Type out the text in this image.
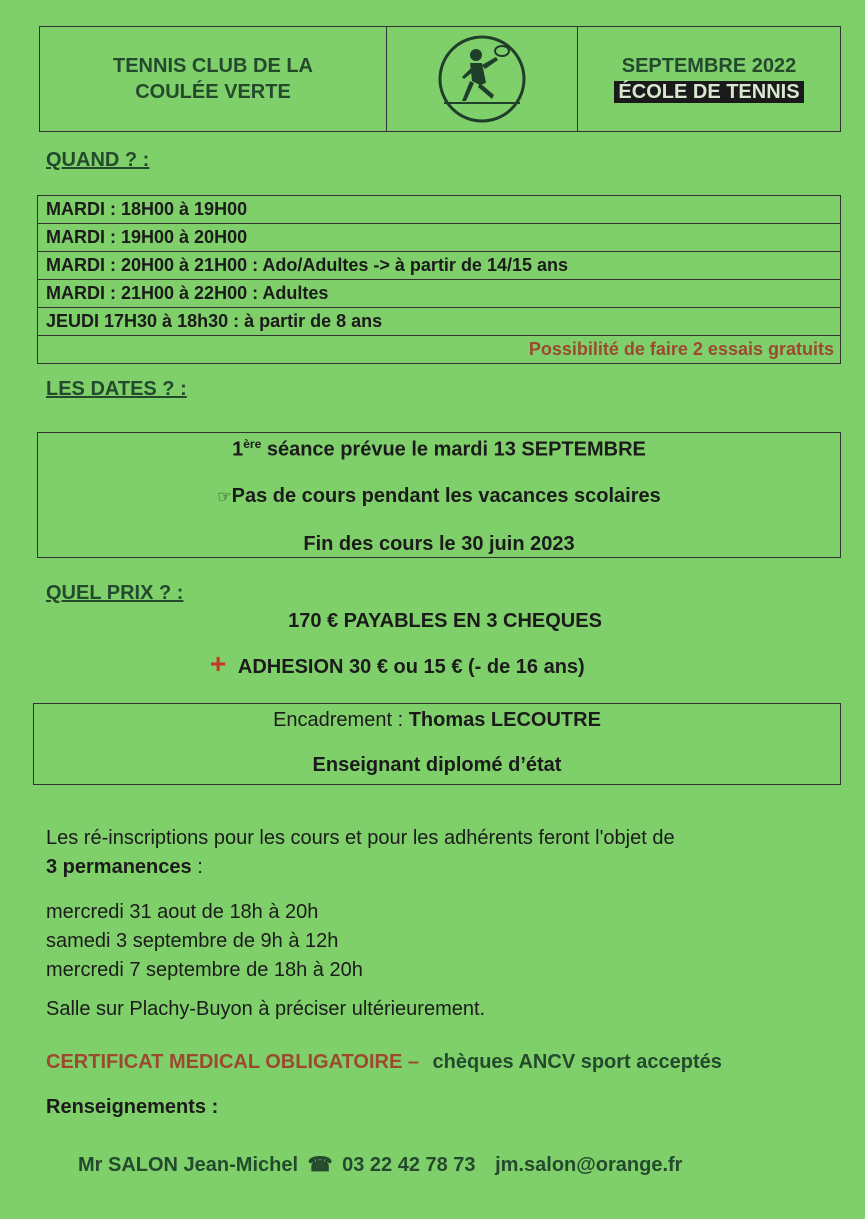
TENNIS CLUB DE LA
COULÉE VERTE
SEPTEMBRE 2022
ÉCOLE DE TENNIS
QUAND ? :
MARDI : 18H00 à 19H00
MARDI : 19H00 à 20H00
MARDI : 20H00 à 21H00 : Ado/Adultes -> à partir de 14/15 ans
MARDI : 21H00 à 22H00 : Adultes
JEUDI 17H30 à 18h30 : à partir de 8 ans
Possibilité de faire 2 essais gratuits
LES DATES ? :
1ère séance prévue le mardi 13 SEPTEMBRE
☞Pas de cours pendant les vacances scolaires
Fin des cours le 30 juin 2023
QUEL PRIX ? :
170 € PAYABLES EN 3 CHEQUES
+ ADHESION 30 € ou 15 € (- de 16 ans)
Encadrement : Thomas LECOUTRE
Enseignant diplomé d’état
Les ré-inscriptions pour les cours et pour les adhérents feront l'objet de
3 permanences :
mercredi 31 aout de 18h à 20h
samedi 3 septembre de 9h à 12h
mercredi 7 septembre de 18h à 20h
Salle sur Plachy-Buyon à préciser ultérieurement.
CERTIFICAT MEDICAL OBLIGATOIRE – chèques ANCV sport acceptés
Renseignements :
Mr SALON Jean-Michel ☎ 03 22 42 78 73 jm.salon@orange.fr
